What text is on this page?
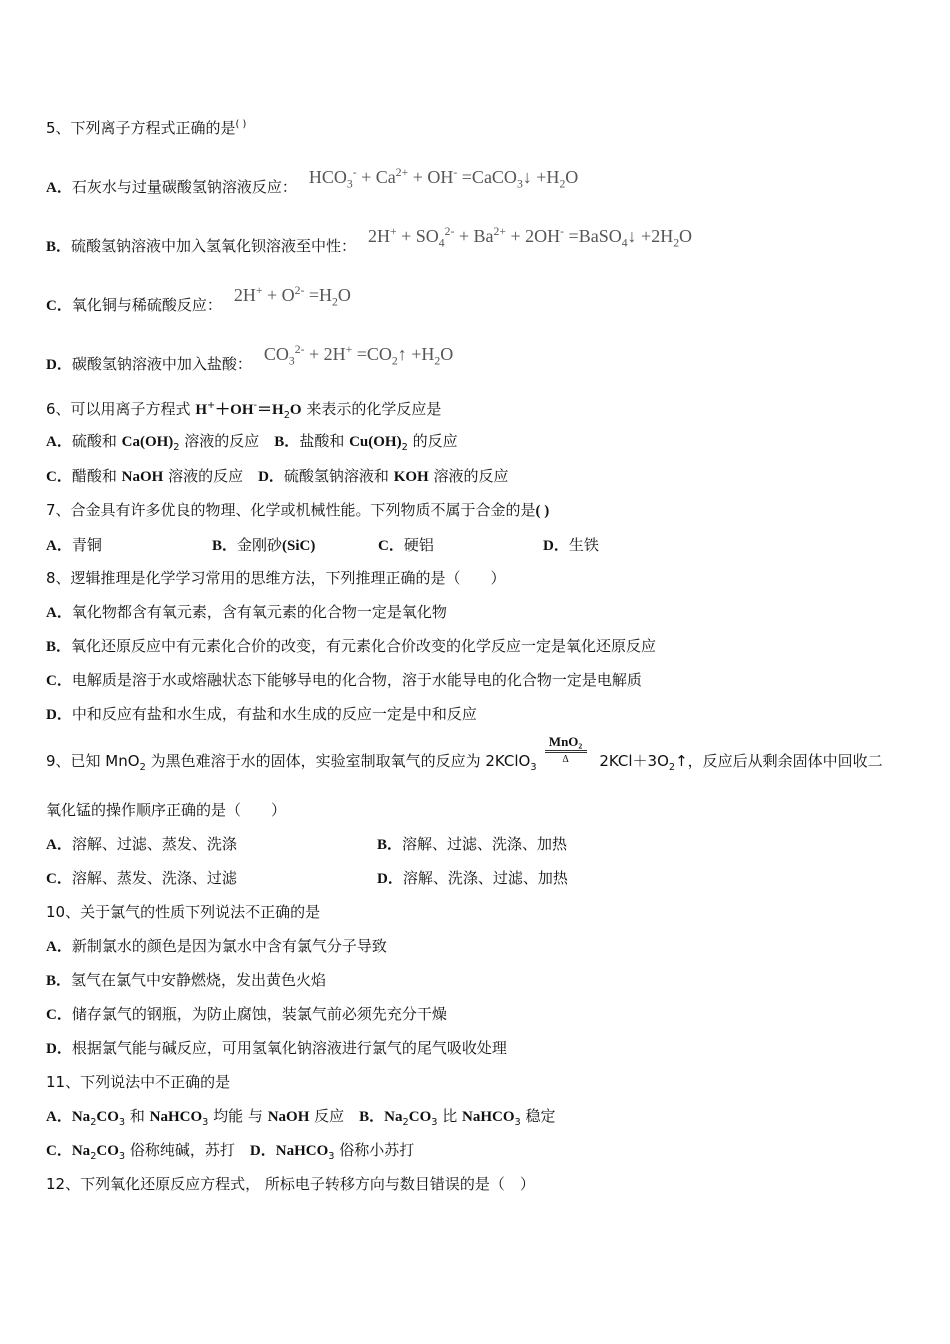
5、下列离子方程式正确的是( )
A．石灰水与过量碳酸氢钠溶液反应： $HCO_3^- + Ca^{2+} + OH^-$ =CaCO$_3$↓ $+H_2O$
B．硫酸氢钠溶液中加入氢氧化钡溶液至中性： $2H^+ + SO_4^{2-} + Ba^{2+} + 2OH^-$ =BaSO$_4$↓ $+2H_2O$
C．氧化铜与稀硫酸反应： $2H^+ + O^{2-} =H_2O$
D．碳酸氢钠溶液中加入盐酸： $CO_3^{2-} + 2H^+$ $=CO_2↑ +H_2O$
6、可以用离子方程式 $H^++OH^-=H_2O$ 来表示的化学反应是
A．硫酸和 $Ca(OH)_2$ 溶液的反应　B．盐酸和 $Cu(OH)_2$ 的反应
C．醋酸和 NaOH 溶液的反应　D．硫酸氢钠溶液和 KOH 溶液的反应
7、合金具有许多优良的物理、化学或机械性能。下列物质不属于合金的是( )
A．青铜	B．金刚砂(SiC)	C．硬铝	D．生铁
8、逻辑推理是化学学习常用的思维方法，下列推理正确的是（　　）
A．氧化物都含有氧元素，含有氧元素的化合物一定是氧化物
B．氧化还原反应中有元素化合价的改变，有元素化合价改变的化学反应一定是氧化还原反应
C．电解质是溶于水或熔融状态下能够导电的化合物，溶于水能导电的化合物一定是电解质
D．中和反应有盐和水生成，有盐和水生成的反应一定是中和反应
9、已知 MnO$_2$ 为黑色难溶于水的固体，实验室制取氧气的反应为 2KClO$_3$ $\frac{\text{MnO₂}}{\Delta}$ $2KCl+3O_2↑$，反应后从剩余固体中回收二
氧化锰的操作顺序正确的是（　　）
A．溶解、过滤、蒸发、洗涤	B．溶解、过滤、洗涤、加热
C．溶解、蒸发、洗涤、过滤	D．溶解、洗涤、过滤、加热
10、关于氯气的性质下列说法不正确的是
A．新制氯水的颜色是因为氯水中含有氯气分子导致
B．氢气在氯气中安静燃烧，发出黄色火焰
C．储存氯气的钢瓶，为防止腐蚀，装氯气前必须先充分干燥
D．根据氯气能与碱反应，可用氢氧化钠溶液进行氯气的尾气吸收处理
11、下列说法中不正确的是
A．$Na_2CO_3$ 和 NaHCO$_3$ 均能 与 NaOH 反应　B．$Na_2CO_3$ 比 NaHCO$_3$ 稳定
C．$Na_2CO_3$ 俗称纯碱，苏打　D．NaHCO$_3$ 俗称小苏打
12、下列氧化还原反应方程式， 所标电子转移方向与数目错误的是（　）
